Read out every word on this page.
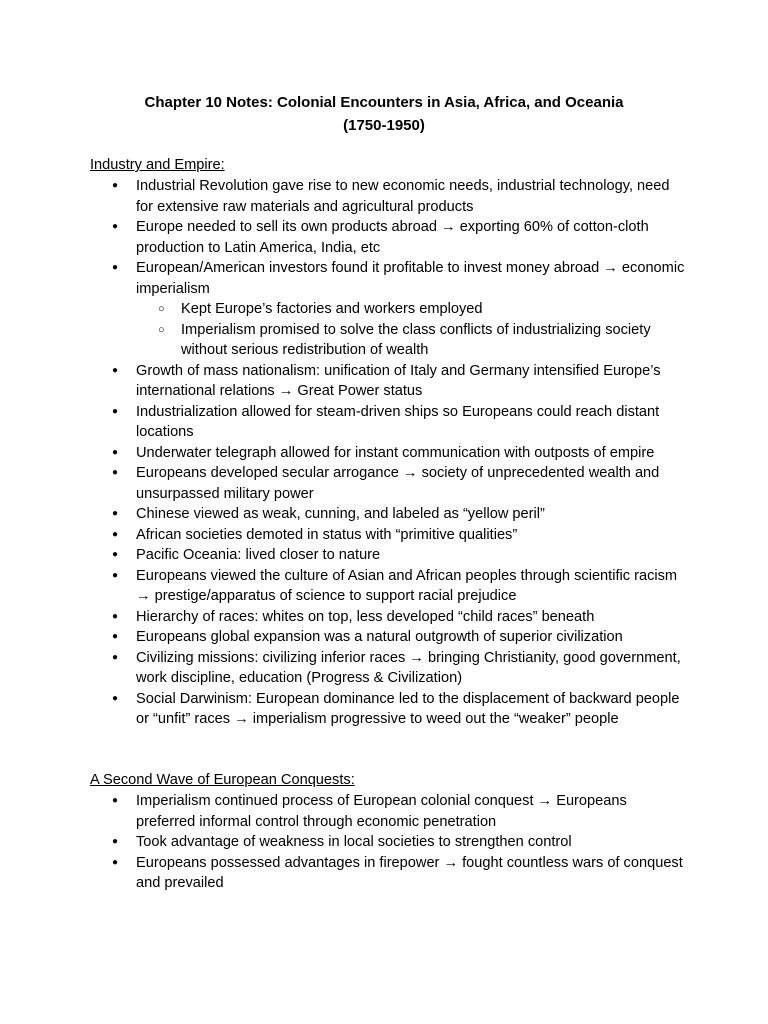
Chapter 10 Notes: Colonial Encounters in Asia, Africa, and Oceania
(1750-1950)
Industry and Empire:
● Industrial Revolution gave rise to new economic needs, industrial technology, need for extensive raw materials and agricultural products
● Europe needed to sell its own products abroad → exporting 60% of cotton-cloth production to Latin America, India, etc
● European/American investors found it profitable to invest money abroad → economic imperialism
○ Kept Europe’s factories and workers employed
○ Imperialism promised to solve the class conflicts of industrializing society without serious redistribution of wealth
● Growth of mass nationalism: unification of Italy and Germany intensified Europe’s international relations → Great Power status
● Industrialization allowed for steam-driven ships so Europeans could reach distant locations
● Underwater telegraph allowed for instant communication with outposts of empire
● Europeans developed secular arrogance → society of unprecedented wealth and unsurpassed military power
● Chinese viewed as weak, cunning, and labeled as “yellow peril”
● African societies demoted in status with “primitive qualities”
● Pacific Oceania: lived closer to nature
● Europeans viewed the culture of Asian and African peoples through scientific racism → prestige/apparatus of science to support racial prejudice
● Hierarchy of races: whites on top, less developed “child races” beneath
● Europeans global expansion was a natural outgrowth of superior civilization
● Civilizing missions: civilizing inferior races → bringing Christianity, good government, work discipline, education (Progress & Civilization)
● Social Darwinism: European dominance led to the displacement of backward people or “unfit” races → imperialism progressive to weed out the “weaker” people
A Second Wave of European Conquests:
● Imperialism continued process of European colonial conquest → Europeans preferred informal control through economic penetration
● Took advantage of weakness in local societies to strengthen control
● Europeans possessed advantages in firepower → fought countless wars of conquest and prevailed
